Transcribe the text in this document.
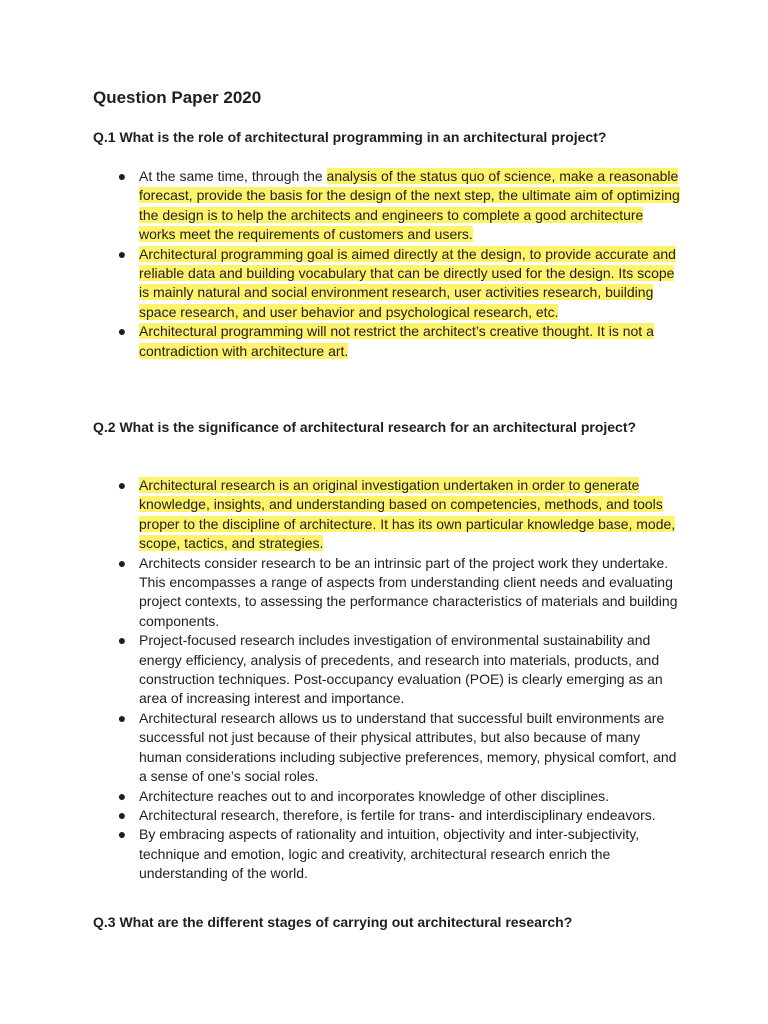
Question Paper 2020
Q.1 What is the role of architectural programming in an architectural project?
● At the same time, through the analysis of the status quo of science, make a reasonable forecast, provide the basis for the design of the next step, the ultimate aim of optimizing the design is to help the architects and engineers to complete a good architecture works meet the requirements of customers and users.
● Architectural programming goal is aimed directly at the design, to provide accurate and reliable data and building vocabulary that can be directly used for the design. Its scope is mainly natural and social environment research, user activities research, building space research, and user behavior and psychological research, etc.
● Architectural programming will not restrict the architect’s creative thought. It is not a contradiction with architecture art.
Q.2 What is the significance of architectural research for an architectural project?
● Architectural research is an original investigation undertaken in order to generate knowledge, insights, and understanding based on competencies, methods, and tools proper to the discipline of architecture. It has its own particular knowledge base, mode, scope, tactics, and strategies.
● Architects consider research to be an intrinsic part of the project work they undertake. This encompasses a range of aspects from understanding client needs and evaluating project contexts, to assessing the performance characteristics of materials and building components.
● Project-focused research includes investigation of environmental sustainability and energy efficiency, analysis of precedents, and research into materials, products, and construction techniques. Post-occupancy evaluation (POE) is clearly emerging as an area of increasing interest and importance.
● Architectural research allows us to understand that successful built environments are successful not just because of their physical attributes, but also because of many human considerations including subjective preferences, memory, physical comfort, and a sense of one’s social roles.
● Architecture reaches out to and incorporates knowledge of other disciplines.
● Architectural research, therefore, is fertile for trans- and interdisciplinary endeavors.
● By embracing aspects of rationality and intuition, objectivity and inter-subjectivity, technique and emotion, logic and creativity, architectural research enrich the understanding of the world.
Q.3 What are the different stages of carrying out architectural research?
